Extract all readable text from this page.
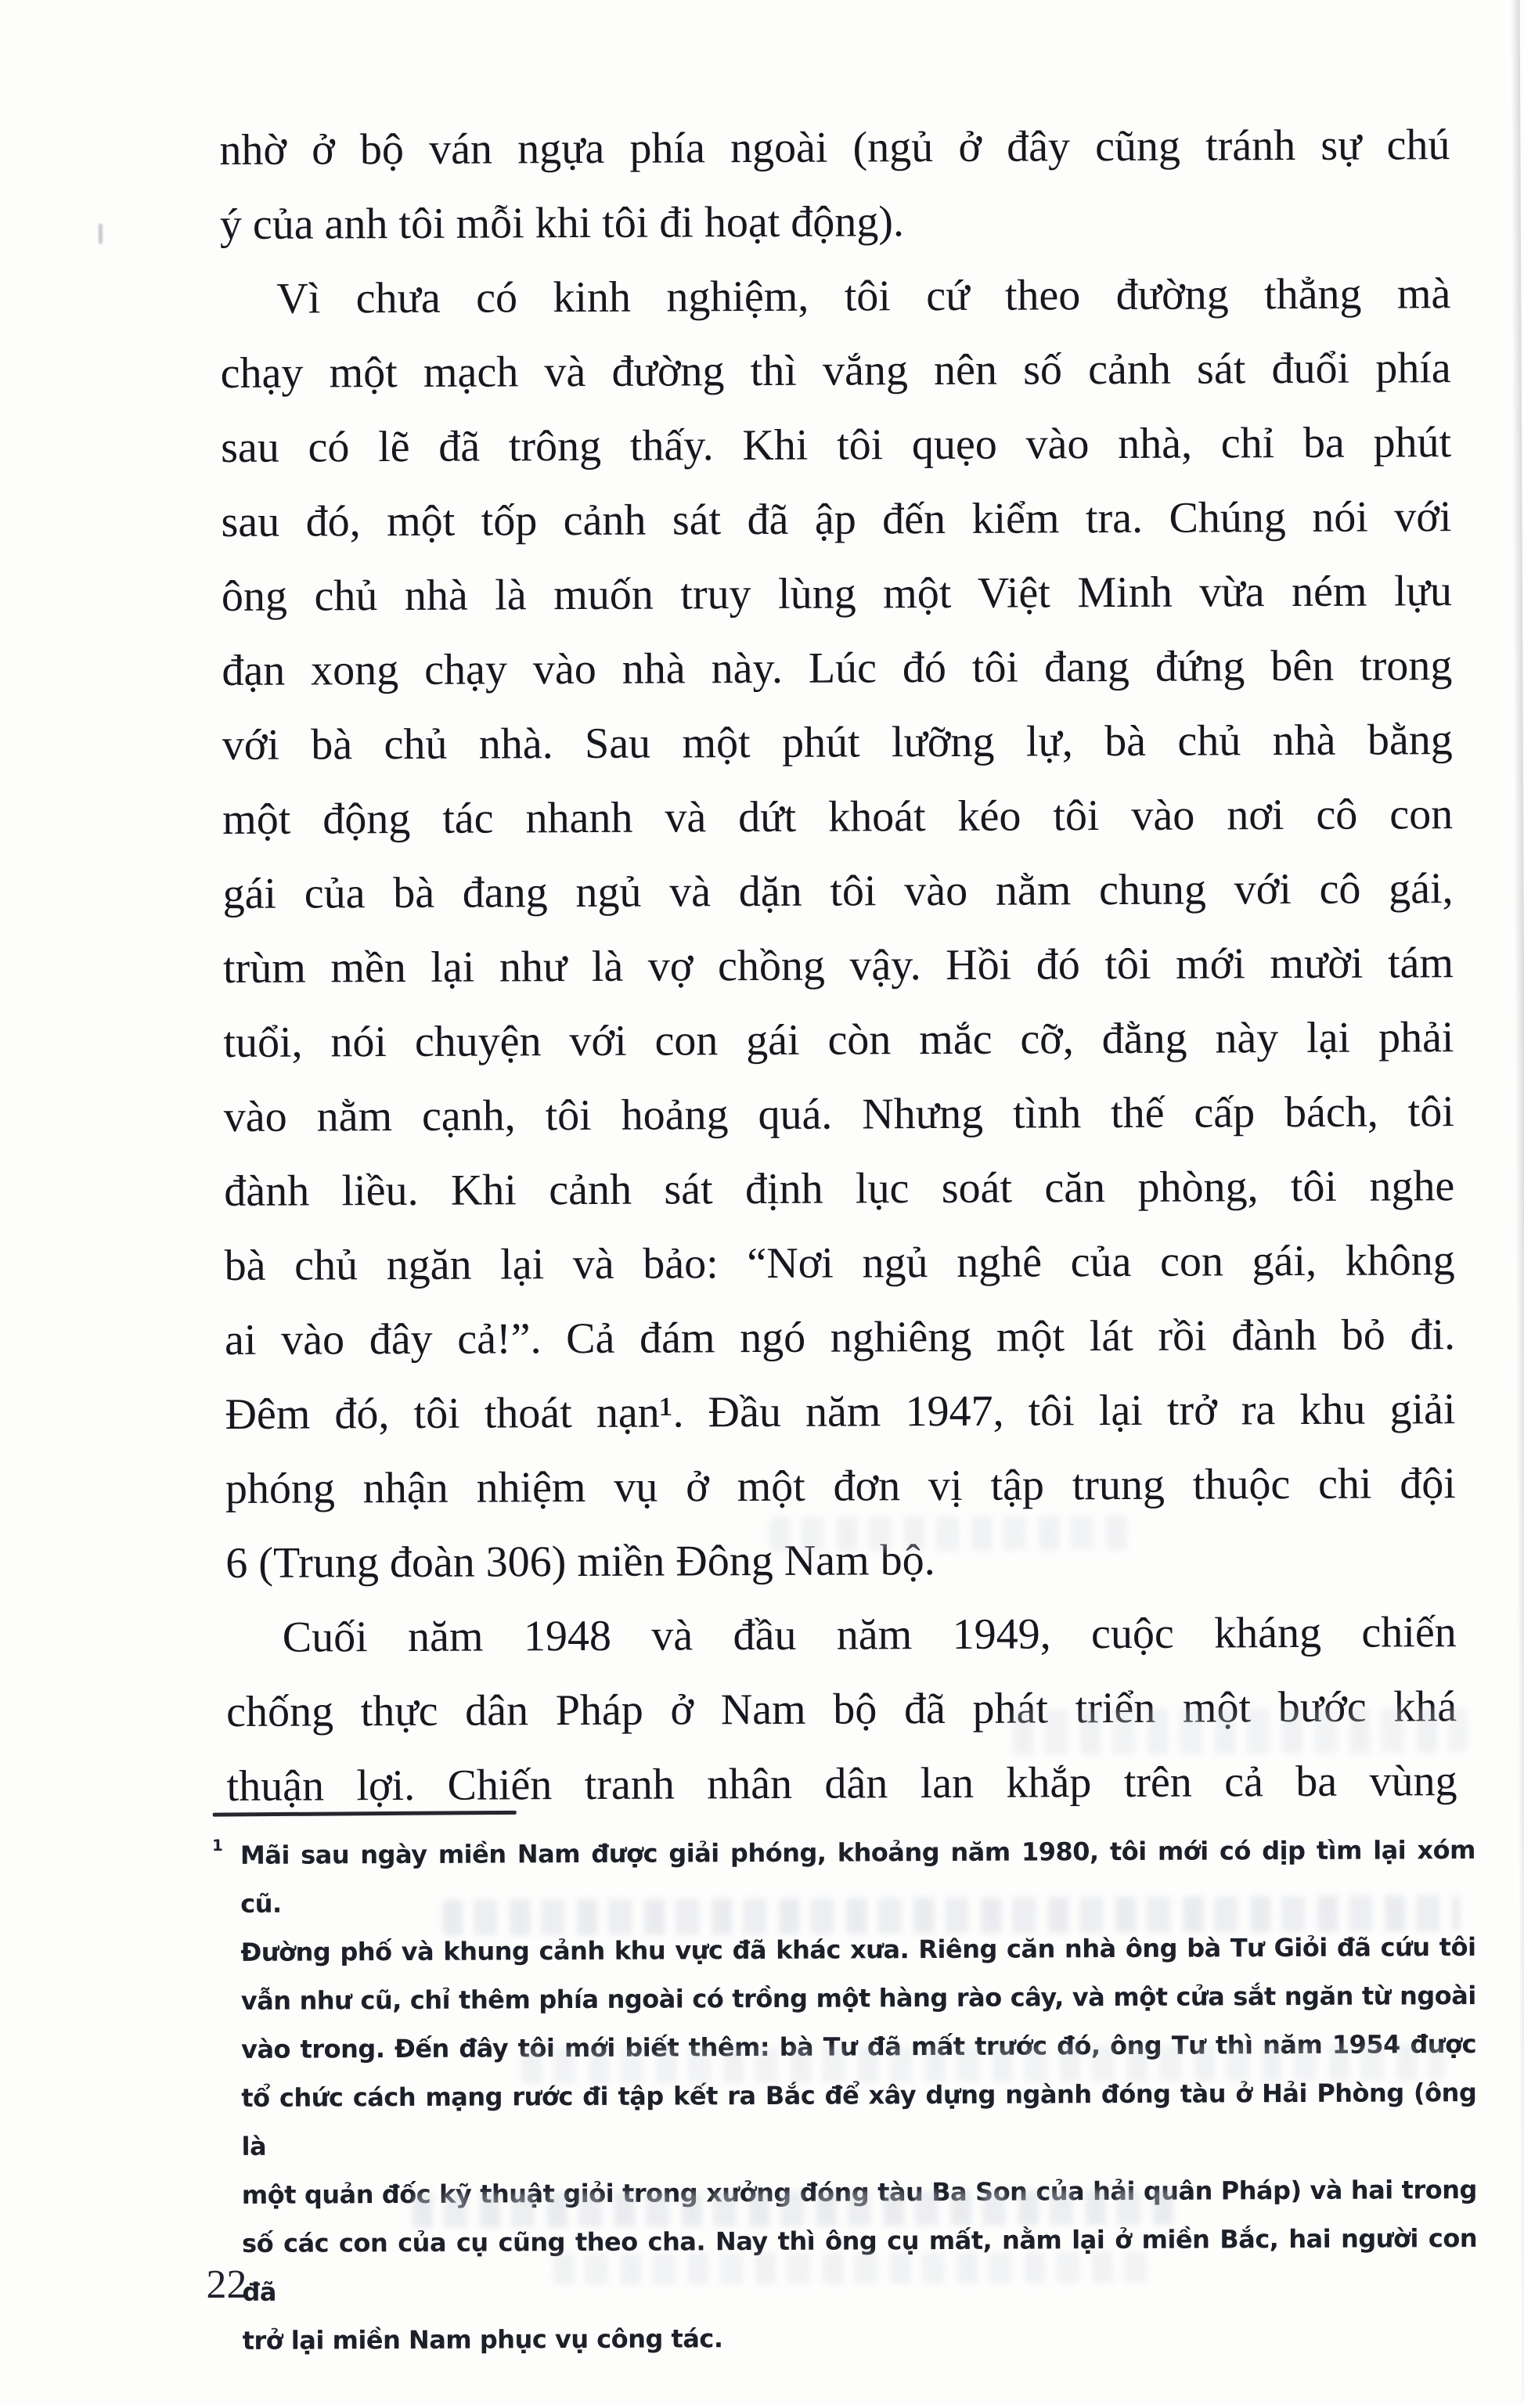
nhờ ở bộ ván ngựa phía ngoài (ngủ ở đây cũng tránh sự chú
ý của anh tôi mỗi khi tôi đi hoạt động).
Vì chưa có kinh nghiệm, tôi cứ theo đường thẳng mà
chạy một mạch và đường thì vắng nên số cảnh sát đuổi phía
sau có lẽ đã trông thấy. Khi tôi quẹo vào nhà, chỉ ba phút
sau đó, một tốp cảnh sát đã ập đến kiểm tra. Chúng nói với
ông chủ nhà là muốn truy lùng một Việt Minh vừa ném lựu
đạn xong chạy vào nhà này. Lúc đó tôi đang đứng bên trong
với bà chủ nhà. Sau một phút lưỡng lự, bà chủ nhà bằng
một động tác nhanh và dứt khoát kéo tôi vào nơi cô con
gái của bà đang ngủ và dặn tôi vào nằm chung với cô gái,
trùm mền lại như là vợ chồng vậy. Hồi đó tôi mới mười tám
tuổi, nói chuyện với con gái còn mắc cỡ, đằng này lại phải
vào nằm cạnh, tôi hoảng quá. Nhưng tình thế cấp bách, tôi
đành liều. Khi cảnh sát định lục soát căn phòng, tôi nghe
bà chủ ngăn lại và bảo: “Nơi ngủ nghê của con gái, không
ai vào đây cả!”. Cả đám ngó nghiêng một lát rồi đành bỏ đi.
Đêm đó, tôi thoát nạn¹. Đầu năm 1947, tôi lại trở ra khu giải
phóng nhận nhiệm vụ ở một đơn vị tập trung thuộc chi đội
6 (Trung đoàn 306) miền Đông Nam bộ.
Cuối năm 1948 và đầu năm 1949, cuộc kháng chiến
chống thực dân Pháp ở Nam bộ đã phát triển một bước khá
thuận lợi. Chiến tranh nhân dân lan khắp trên cả ba vùng
1 Mãi sau ngày miền Nam được giải phóng, khoảng năm 1980, tôi mới có dịp tìm lại xóm cũ.
Đường phố và khung cảnh khu vực đã khác xưa. Riêng căn nhà ông bà Tư Giỏi đã cứu tôi
vẫn như cũ, chỉ thêm phía ngoài có trồng một hàng rào cây, và một cửa sắt ngăn từ ngoài
vào trong. Đến đây tôi mới biết thêm: bà Tư đã mất trước đó, ông Tư thì năm 1954 được
tổ chức cách mạng rước đi tập kết ra Bắc để xây dựng ngành đóng tàu ở Hải Phòng (ông là
một quản đốc kỹ thuật giỏi trong xưởng đóng tàu Ba Son của hải quân Pháp) và hai trong
số các con của cụ cũng theo cha. Nay thì ông cụ mất, nằm lại ở miền Bắc, hai người con đã
trở lại miền Nam phục vụ công tác.
22
